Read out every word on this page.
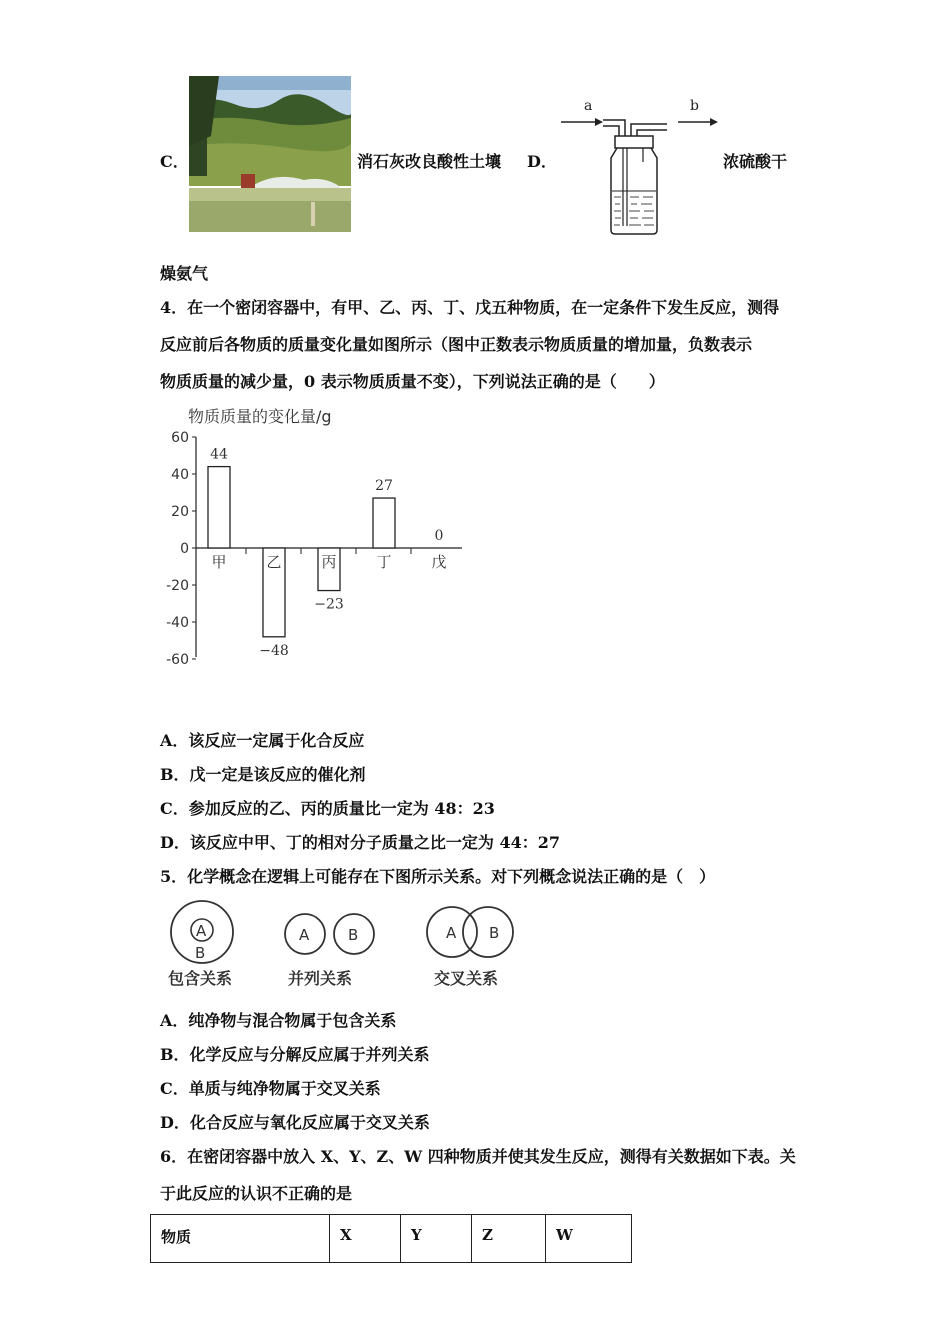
C．	消石灰改良酸性土壤 D．
a	b
浓硫酸干
燥氨气
4．在一个密闭容器中，有甲、乙、丙、丁、戊五种物质，在一定条件下发生反应，测得
反应前后各物质的质量变化量如图所示（图中正数表示物质质量的增加量，负数表示
物质质量的减少量，0 表示物质质量不变），下列说法正确的是（　　）
物质质量的变化量/g
60
40
20
0
-20
-40
-60
甲
44
乙
−48
丙
−23
丁
27
戊
0
A．该反应一定属于化合反应
B．戊一定是该反应的催化剂
C．参加反应的乙、丙的质量比一定为 48：23
D．该反应中甲、丁的相对分子质量之比一定为 44：27
5．化学概念在逻辑上可能存在下图所示关系。对下列概念说法正确的是（　）
A
B
包含关系
A	B
并列关系
A B
交叉关系
A．纯净物与混合物属于包含关系
B．化学反应与分解反应属于并列关系
C．单质与纯净物属于交叉关系
D．化合反应与氧化反应属于交叉关系
6．在密闭容器中放入 X、Y、Z、W 四种物质并使其发生反应，测得有关数据如下表。关
于此反应的认识不正确的是
物质	X	Y	Z	W
